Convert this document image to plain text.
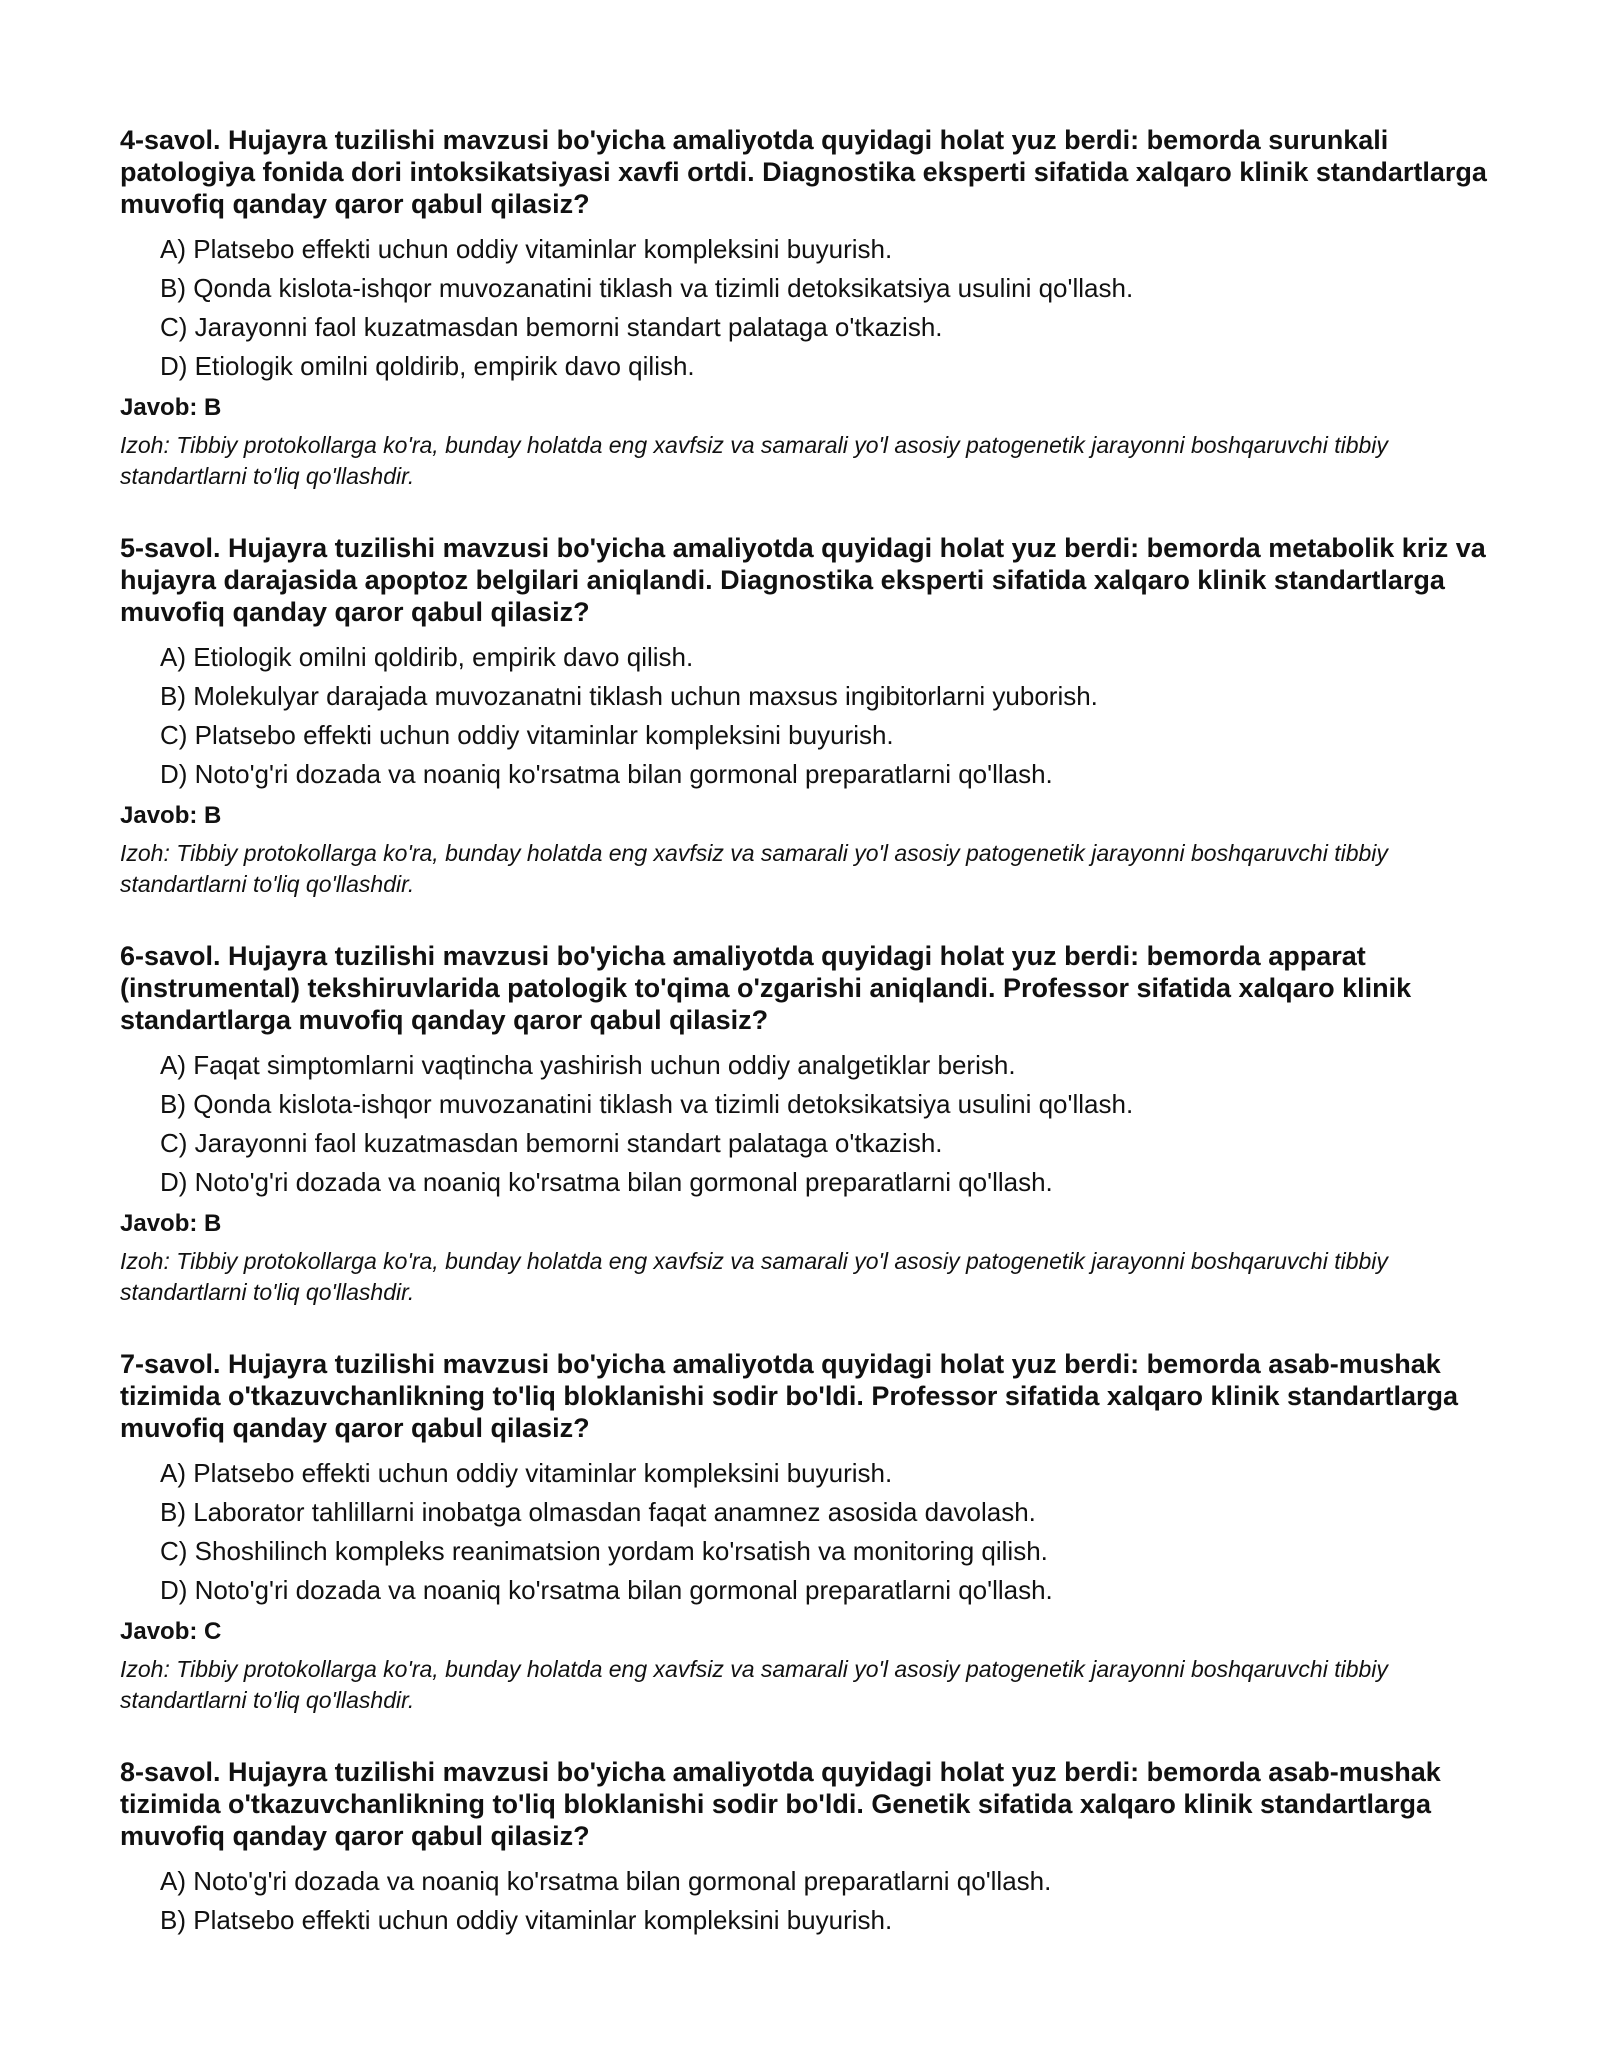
4-savol. Hujayra tuzilishi mavzusi bo'yicha amaliyotda quyidagi holat yuz berdi: bemorda surunkali patologiya fonida dori intoksikatsiyasi xavfi ortdi. Diagnostika eksperti sifatida xalqaro klinik standartlarga muvofiq qanday qaror qabul qilasiz?
A) Platsebo effekti uchun oddiy vitaminlar kompleksini buyurish.
B) Qonda kislota-ishqor muvozanatini tiklash va tizimli detoksikatsiya usulini qo'llash.
C) Jarayonni faol kuzatmasdan bemorni standart palataga o'tkazish.
D) Etiologik omilni qoldirib, empirik davo qilish.
Javob: B

Izoh: Tibbiy protokollarga ko'ra, bunday holatda eng xavfsiz va samarali yo'l asosiy patogenetik jarayonni boshqaruvchi tibbiy standartlarni to'liq qo'llashdir.

5-savol. Hujayra tuzilishi mavzusi bo'yicha amaliyotda quyidagi holat yuz berdi: bemorda metabolik kriz va hujayra darajasida apoptoz belgilari aniqlandi. Diagnostika eksperti sifatida xalqaro klinik standartlarga muvofiq qanday qaror qabul qilasiz?
A) Etiologik omilni qoldirib, empirik davo qilish.
B) Molekulyar darajada muvozanatni tiklash uchun maxsus ingibitorlarni yuborish.
C) Platsebo effekti uchun oddiy vitaminlar kompleksini buyurish.
D) Noto'g'ri dozada va noaniq ko'rsatma bilan gormonal preparatlarni qo'llash.
Javob: B

Izoh: Tibbiy protokollarga ko'ra, bunday holatda eng xavfsiz va samarali yo'l asosiy patogenetik jarayonni boshqaruvchi tibbiy standartlarni to'liq qo'llashdir.

6-savol. Hujayra tuzilishi mavzusi bo'yicha amaliyotda quyidagi holat yuz berdi: bemorda apparat (instrumental) tekshiruvlarida patologik to'qima o'zgarishi aniqlandi. Professor sifatida xalqaro klinik standartlarga muvofiq qanday qaror qabul qilasiz?
A) Faqat simptomlarni vaqtincha yashirish uchun oddiy analgetiklar berish.
B) Qonda kislota-ishqor muvozanatini tiklash va tizimli detoksikatsiya usulini qo'llash.
C) Jarayonni faol kuzatmasdan bemorni standart palataga o'tkazish.
D) Noto'g'ri dozada va noaniq ko'rsatma bilan gormonal preparatlarni qo'llash.
Javob: B

Izoh: Tibbiy protokollarga ko'ra, bunday holatda eng xavfsiz va samarali yo'l asosiy patogenetik jarayonni boshqaruvchi tibbiy standartlarni to'liq qo'llashdir.

7-savol. Hujayra tuzilishi mavzusi bo'yicha amaliyotda quyidagi holat yuz berdi: bemorda asab-mushak tizimida o'tkazuvchanlikning to'liq bloklanishi sodir bo'ldi. Professor sifatida xalqaro klinik standartlarga muvofiq qanday qaror qabul qilasiz?
A) Platsebo effekti uchun oddiy vitaminlar kompleksini buyurish.
B) Laborator tahlillarni inobatga olmasdan faqat anamnez asosida davolash.
C) Shoshilinch kompleks reanimatsion yordam ko'rsatish va monitoring qilish.
D) Noto'g'ri dozada va noaniq ko'rsatma bilan gormonal preparatlarni qo'llash.
Javob: C

Izoh: Tibbiy protokollarga ko'ra, bunday holatda eng xavfsiz va samarali yo'l asosiy patogenetik jarayonni boshqaruvchi tibbiy standartlarni to'liq qo'llashdir.

8-savol. Hujayra tuzilishi mavzusi bo'yicha amaliyotda quyidagi holat yuz berdi: bemorda asab-mushak tizimida o'tkazuvchanlikning to'liq bloklanishi sodir bo'ldi. Genetik sifatida xalqaro klinik standartlarga muvofiq qanday qaror qabul qilasiz?
A) Noto'g'ri dozada va noaniq ko'rsatma bilan gormonal preparatlarni qo'llash.
B) Platsebo effekti uchun oddiy vitaminlar kompleksini buyurish.
